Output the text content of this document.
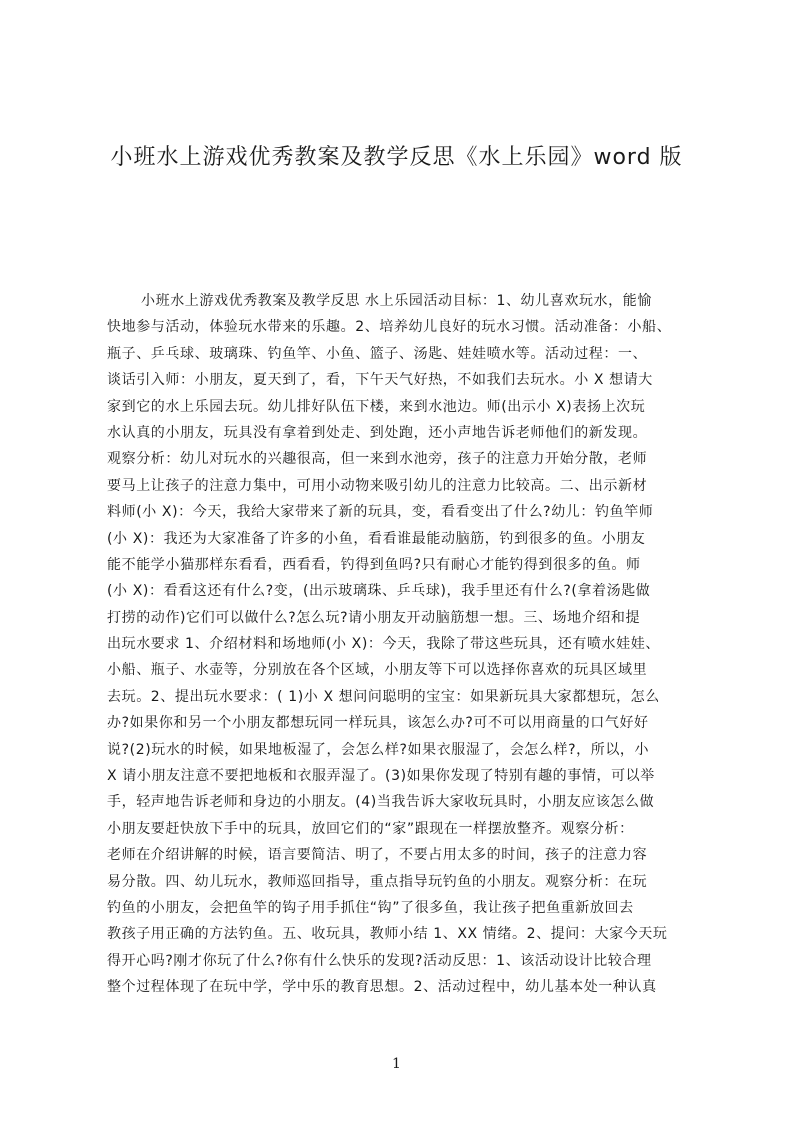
小班水上游戏优秀教案及教学反思《水上乐园》word 版
小班水上游戏优秀教案及教学反思 水上乐园活动目标：1、幼儿喜欢玩水，能愉
快地参与活动，体验玩水带来的乐趣。2、培养幼儿良好的玩水习惯。活动准备：小船、
瓶子、乒乓球、玻璃珠、钓鱼竿、小鱼、篮子、汤匙、娃娃喷水等。活动过程：一、
谈话引入师：小朋友，夏天到了，看，下午天气好热，不如我们去玩水。小 X 想请大
家到它的水上乐园去玩。幼儿排好队伍下楼，来到水池边。师(出示小 X)表扬上次玩
水认真的小朋友，玩具没有拿着到处走、到处跑，还小声地告诉老师他们的新发现。
观察分析：幼儿对玩水的兴趣很高，但一来到水池旁，孩子的注意力开始分散，老师
要马上让孩子的注意力集中，可用小动物来吸引幼儿的注意力比较高。二、出示新材
料师(小 X)：今天，我给大家带来了新的玩具，变，看看变出了什么?幼儿：钓鱼竿师
(小 X)：我还为大家准备了许多的小鱼，看看谁最能动脑筋，钓到很多的鱼。小朋友
能不能学小猫那样东看看，西看看，钓得到鱼吗?只有耐心才能钓得到很多的鱼。师
(小 X)：看看这还有什么?变，(出示玻璃珠、乒乓球)，我手里还有什么?(拿着汤匙做
打捞的动作)它们可以做什么?怎么玩?请小朋友开动脑筋想一想。三、场地介绍和提
出玩水要求 1、介绍材料和场地师(小 X)：今天，我除了带这些玩具，还有喷水娃娃、
小船、瓶子、水壶等，分别放在各个区域，小朋友等下可以选择你喜欢的玩具区域里
去玩。2、提出玩水要求：( 1)小 X 想问问聪明的宝宝：如果新玩具大家都想玩，怎么
办?如果你和另一个小朋友都想玩同一样玩具，该怎么办?可不可以用商量的口气好好
说?(2)玩水的时候，如果地板湿了，会怎么样?如果衣服湿了，会怎么样?，所以，小
X 请小朋友注意不要把地板和衣服弄湿了。(3)如果你发现了特别有趣的事情，可以举
手，轻声地告诉老师和身边的小朋友。(4)当我告诉大家收玩具时，小朋友应该怎么做
小朋友要赶快放下手中的玩具，放回它们的“家”跟现在一样摆放整齐。观察分析：
老师在介绍讲解的时候，语言要简洁、明了，不要占用太多的时间，孩子的注意力容
易分散。四、幼儿玩水，教师巡回指导，重点指导玩钓鱼的小朋友。观察分析：在玩
钓鱼的小朋友，会把鱼竿的钩子用手抓住“钩”了很多鱼，我让孩子把鱼重新放回去
教孩子用正确的方法钓鱼。五、收玩具，教师小结 1、XX 情绪。2、提问：大家今天玩
得开心吗?刚才你玩了什么?你有什么快乐的发现?活动反思：1、该活动设计比较合理
整个过程体现了在玩中学，学中乐的教育思想。2、活动过程中，幼儿基本处一种认真
1
